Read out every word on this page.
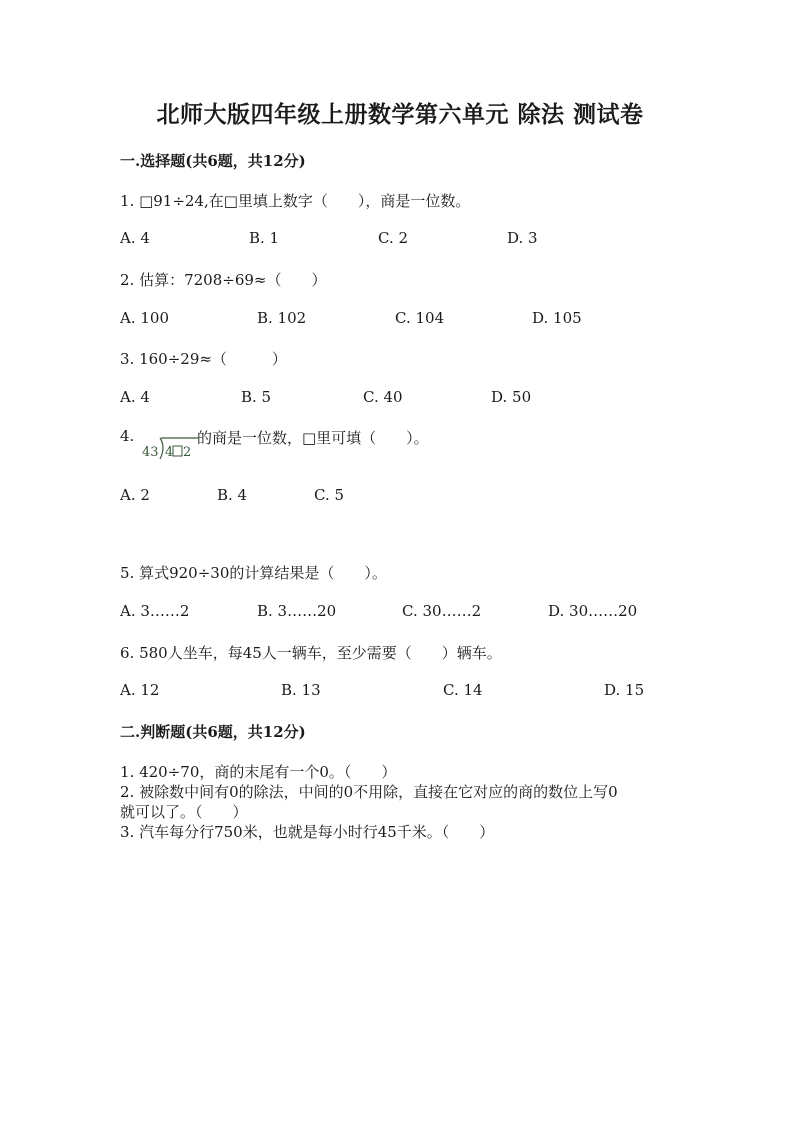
北师大版四年级上册数学第六单元 除法 测试卷
一.选择题(共6题，共12分)
1. □91÷24,在□里填上数字（　　），商是一位数。
A. 4	B. 1	C. 2	D. 3
2. 估算：7208÷69≈（　　）
A. 100	B. 102	C. 104	D. 105
3. 160÷29≈（　　　）
A. 4	B. 5	C. 40	D. 50
4.
43 4 2
的商是一位数，□里可填（　　）。
A. 2	B. 4	C. 5
5. 算式920÷30的计算结果是（　　）。
A. 3……2	B. 3……20	C. 30……2	D. 30……20
6. 580人坐车，每45人一辆车，至少需要（　　）辆车。
A. 12	B. 13	C. 14	D. 15
二.判断题(共6题，共12分)
1. 420÷70，商的末尾有一个0。（　　）
2. 被除数中间有0的除法，中间的0不用除，直接在它对应的商的数位上写0
就可以了。（　　）
3. 汽车每分行750米，也就是每小时行45千米。（　　）
